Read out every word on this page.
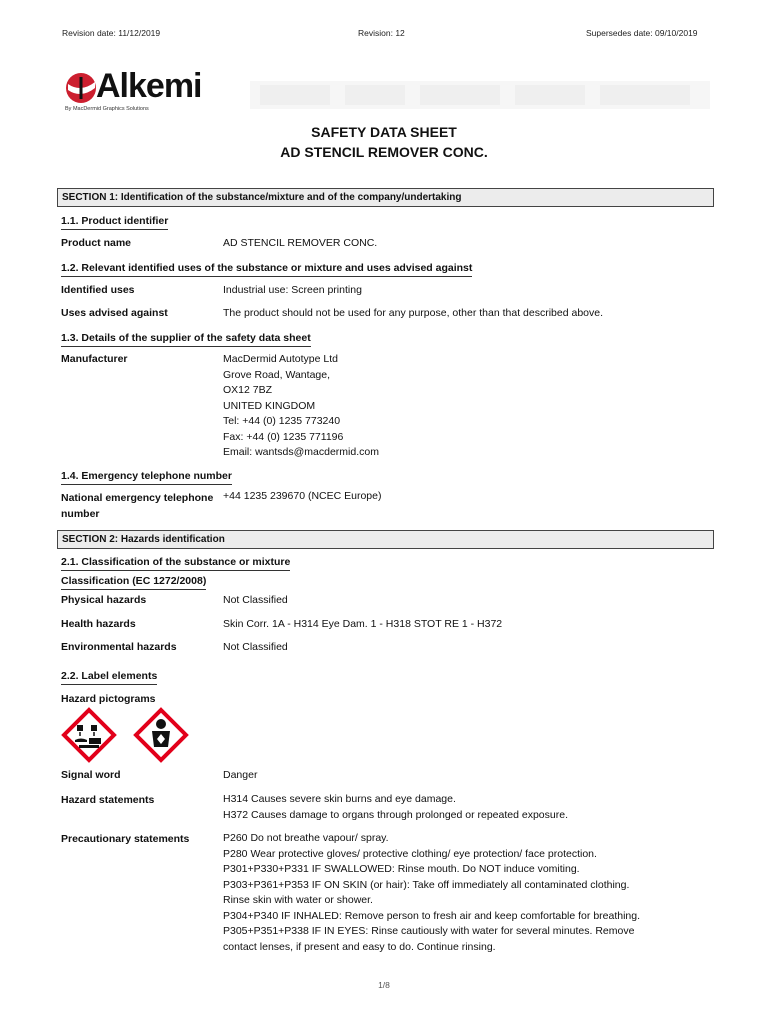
Revision date: 11/12/2019	Revision: 12	Supersedes date: 09/10/2019
Alkemi
By MacDermid Graphics Solutions
SAFETY DATA SHEET
AD STENCIL REMOVER CONC.
SECTION 1: Identification of the substance/mixture and of the company/undertaking
1.1. Product identifier
Product name	AD STENCIL REMOVER CONC.
1.2. Relevant identified uses of the substance or mixture and uses advised against
Identified uses	Industrial use: Screen printing
Uses advised against	The product should not be used for any purpose, other than that described above.
1.3. Details of the supplier of the safety data sheet
Manufacturer	MacDermid Autotype Ltd
Grove Road, Wantage,
OX12 7BZ
UNITED KINGDOM
Tel: +44 (0) 1235 773240
Fax: +44 (0) 1235 771196
Email: wantsds@macdermid.com
1.4. Emergency telephone number
National emergency telephone number
+44 1235 239670 (NCEC Europe)
SECTION 2: Hazards identification
2.1. Classification of the substance or mixture
Classification (EC 1272/2008)
Physical hazards	Not Classified
Health hazards	Skin Corr. 1A - H314 Eye Dam. 1 - H318 STOT RE 1 - H372
Environmental hazards	Not Classified
2.2. Label elements
Hazard pictograms
Signal word	Danger
Hazard statements	H314 Causes severe skin burns and eye damage.
H372 Causes damage to organs through prolonged or repeated exposure.
Precautionary statements	P260 Do not breathe vapour/ spray.
P280 Wear protective gloves/ protective clothing/ eye protection/ face protection.
P301+P330+P331 IF SWALLOWED: Rinse mouth. Do NOT induce vomiting.
P303+P361+P353 IF ON SKIN (or hair): Take off immediately all contaminated clothing.
Rinse skin with water or shower.
P304+P340 IF INHALED: Remove person to fresh air and keep comfortable for breathing.
P305+P351+P338 IF IN EYES: Rinse cautiously with water for several minutes. Remove
contact lenses, if present and easy to do. Continue rinsing.
1/8
